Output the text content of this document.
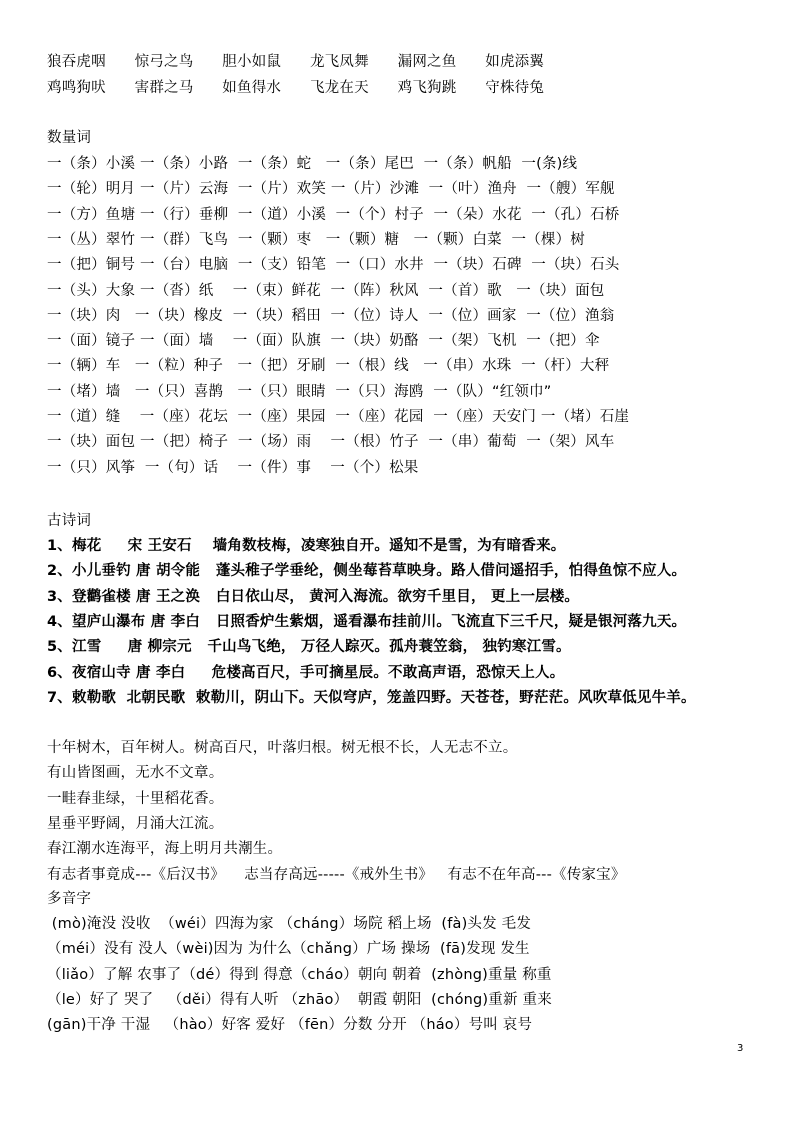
狼吞虎咽      惊弓之鸟      胆小如鼠      龙飞凤舞      漏网之鱼      如虎添翼
鸡鸣狗吠      害群之马      如鱼得水      飞龙在天      鸡飞狗跳      守株待兔
数量词
一（条）小溪 一（条）小路  一（条）蛇   一（条）尾巴  一（条）帆船  一(条)线
一（轮）明月 一（片）云海  一（片）欢笑 一（片）沙滩  一（叶）渔舟  一（艘）军舰
一（方）鱼塘 一（行）垂柳  一（道）小溪  一（个）村子  一（朵）水花  一（孔）石桥
一（丛）翠竹 一（群）飞鸟  一（颗）枣   一（颗）糖   一（颗）白菜  一（棵）树
一（把）铜号 一（台）电脑  一（支）铅笔  一（口）水井  一（块）石碑  一（块）石头
一（头）大象 一（沓）纸    一（束）鲜花  一（阵）秋风  一（首）歌   一（块）面包
一（块）肉   一（块）橡皮  一（块）稻田  一（位）诗人  一（位）画家  一（位）渔翁
一（面）镜子 一（面）墙    一（面）队旗  一（块）奶酪  一（架）飞机  一（把）伞
一（辆）车   一（粒）种子   一（把）牙刷  一（根）线   一（串）水珠  一（杆）大秤
一（堵）墙   一（只）喜鹊   一（只）眼睛  一（只）海鸥  一（队）“红领巾”
一（道）缝    一（座）花坛  一（座）果园  一（座）花园  一（座）天安门 一（堵）石崖
一（块）面包 一（把）椅子  一（场）雨    一（根）竹子  一（串）葡萄  一（架）风车
一（只）风筝  一（句）话    一（件）事    一（个）松果
古诗词
1、梅花     宋 王安石    墙角数枝梅，凌寒独自开。遥知不是雪，为有暗香来。
2、小儿垂钓 唐 胡令能   蓬头稚子学垂纶，侧坐莓苔草映身。路人借问遥招手，怕得鱼惊不应人。
3、登鹳雀楼 唐 王之涣   白日依山尽， 黄河入海流。欲穷千里目， 更上一层楼。
4、望庐山瀑布 唐 李白   日照香炉生紫烟，遥看瀑布挂前川。飞流直下三千尺，疑是银河落九天。
5、江雪     唐 柳宗元   千山鸟飞绝， 万径人踪灭。孤舟蓑笠翁， 独钓寒江雪。
6、夜宿山寺 唐 李白     危楼高百尺，手可摘星辰。不敢高声语，恐惊天上人。
7、敕勒歌  北朝民歌  敕勒川，阴山下。天似穹庐，笼盖四野。天苍苍，野茫茫。风吹草低见牛羊。
十年树木，百年树人。树高百尺，叶落归根。树无根不长，人无志不立。
有山皆图画，无水不文章。
一畦春韭绿，十里稻花香。
星垂平野阔，月涌大江流。
春江潮水连海平，海上明月共潮生。
有志者事竟成---《后汉书》    志当存高远-----《戒外生书》   有志不在年高---《传家宝》
多音字
(mò)淹没 没收  （wéi）四海为家 （cháng）场院 稻上场  (fà)头发 毛发
（méi）没有 没人（wèi)因为 为什么（chǎng）广场 操场  (fā)发现 发生
（liǎo）了解 农事了（dé）得到 得意（cháo）朝向 朝着  (zhòng)重量 称重
（le）好了 哭了   （děi）得有人听 （zhāo）  朝霞 朝阳  (chóng)重新 重来
(gān)干净 干湿   （hào）好客 爱好 （fēn）分数 分开 （háo）号叫 哀号
3
